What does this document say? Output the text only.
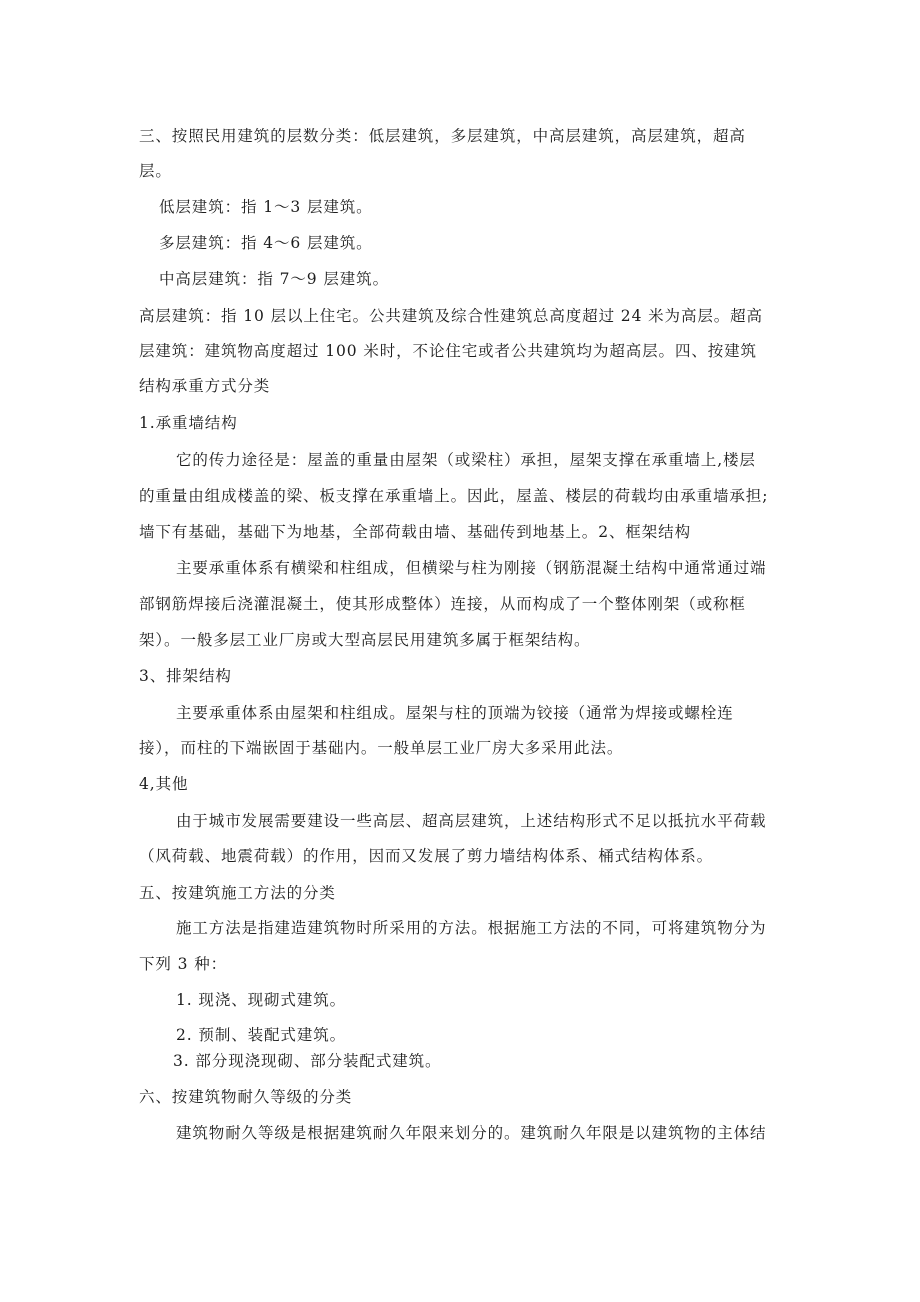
三、按照民用建筑的层数分类：低层建筑，多层建筑，中高层建筑，高层建筑，超高
层。
低层建筑：指 1～3 层建筑。
多层建筑：指 4～6 层建筑。
中高层建筑：指 7～9 层建筑。
高层建筑：指 10 层以上住宅。公共建筑及综合性建筑总高度超过 24 米为高层。超高
层建筑：建筑物高度超过 100 米时，不论住宅或者公共建筑均为超高层。四、按建筑
结构承重方式分类
1.承重墙结构
它的传力途径是：屋盖的重量由屋架（或梁柱）承担，屋架支撑在承重墙上,楼层
的重量由组成楼盖的梁、板支撑在承重墙上。因此，屋盖、楼层的荷载均由承重墙承担;
墙下有基础，基础下为地基，全部荷载由墙、基础传到地基上。2、框架结构
主要承重体系有横梁和柱组成，但横梁与柱为刚接（钢筋混凝土结构中通常通过端
部钢筋焊接后浇灌混凝土，使其形成整体）连接，从而构成了一个整体刚架（或称框
架）。一般多层工业厂房或大型高层民用建筑多属于框架结构。
3、排架结构
主要承重体系由屋架和柱组成。屋架与柱的顶端为铰接（通常为焊接或螺栓连
接），而柱的下端嵌固于基础内。一般单层工业厂房大多采用此法。
4,其他
由于城市发展需要建设一些高层、超高层建筑，上述结构形式不足以抵抗水平荷载
（风荷载、地震荷载）的作用，因而又发展了剪力墙结构体系、桶式结构体系。
五、按建筑施工方法的分类
施工方法是指建造建筑物时所采用的方法。根据施工方法的不同，可将建筑物分为
下列 3 种：
1. 现浇、现砌式建筑。
2. 预制、装配式建筑。
3. 部分现浇现砌、部分装配式建筑。
六、按建筑物耐久等级的分类
建筑物耐久等级是根据建筑耐久年限来划分的。建筑耐久年限是以建筑物的主体结
